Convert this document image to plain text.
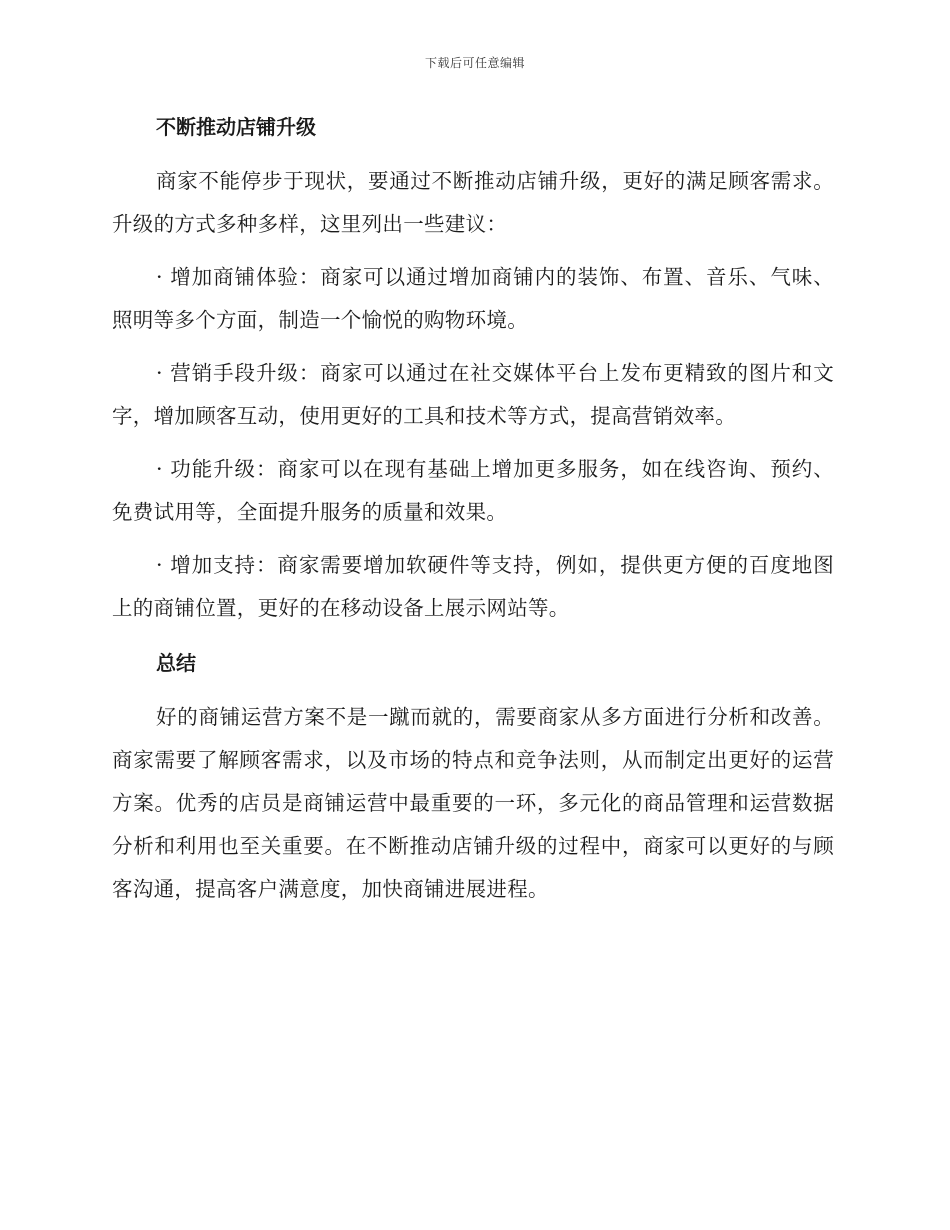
下载后可任意编辑
不断推动店铺升级

商家不能停步于现状，要通过不断推动店铺升级，更好的满足顾客需求。升级的方式多种多样，这里列出一些建议：

· 增加商铺体验：商家可以通过增加商铺内的装饰、布置、音乐、气味、照明等多个方面，制造一个愉悦的购物环境。

· 营销手段升级：商家可以通过在社交媒体平台上发布更精致的图片和文字，增加顾客互动，使用更好的工具和技术等方式，提高营销效率。

· 功能升级：商家可以在现有基础上增加更多服务，如在线咨询、预约、免费试用等，全面提升服务的质量和效果。

· 增加支持：商家需要增加软硬件等支持，例如，提供更方便的百度地图上的商铺位置，更好的在移动设备上展示网站等。

总结

好的商铺运营方案不是一蹴而就的，需要商家从多方面进行分析和改善。商家需要了解顾客需求，以及市场的特点和竞争法则，从而制定出更好的运营方案。优秀的店员是商铺运营中最重要的一环，多元化的商品管理和运营数据分析和利用也至关重要。在不断推动店铺升级的过程中，商家可以更好的与顾客沟通，提高客户满意度，加快商铺进展进程。
